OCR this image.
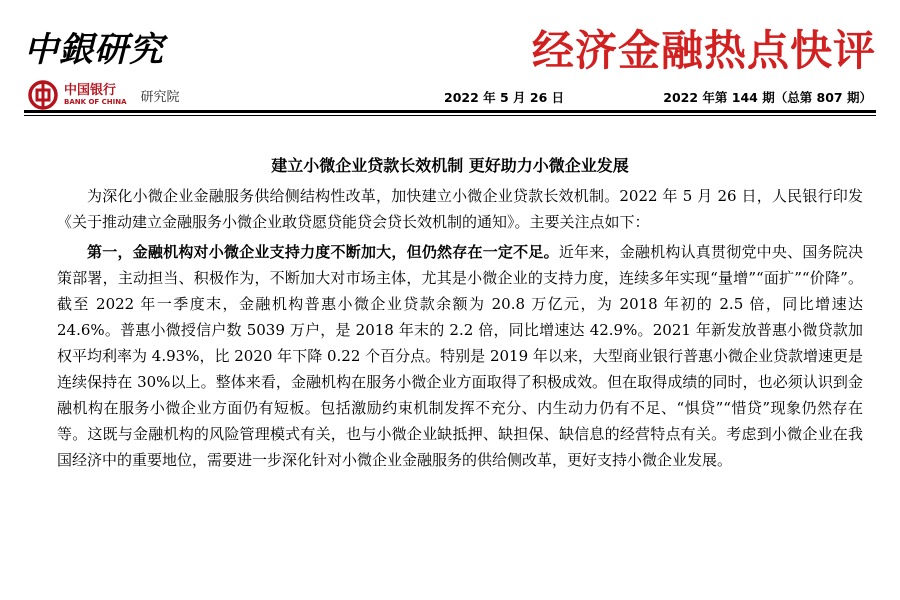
中銀研究	经济金融热点快评
中国银行
BANK OF CHINA 研究院	2022 年 5 月 26 日	2022 年第 144 期（总第 807 期）
建立小微企业贷款长效机制 更好助力小微企业发展

为深化小微企业金融服务供给侧结构性改革，加快建立小微企业贷款长效机制。2022 年 5 月 26 日，人民银行印发《关于推动建立金融服务小微企业敢贷愿贷能贷会贷长效机制的通知》。主要关注点如下：

第一，金融机构对小微企业支持力度不断加大，但仍然存在一定不足。近年来，金融机构认真贯彻党中央、国务院决策部署，主动担当、积极作为，不断加大对市场主体，尤其是小微企业的支持力度，连续多年实现“量增”“面扩”“价降”。截至 2022 年一季度末，金融机构普惠小微企业贷款余额为 20.8 万亿元，为 2018 年初的 2.5 倍，同比增速达 24.6%。普惠小微授信户数 5039 万户，是 2018 年末的 2.2 倍，同比增速达 42.9%。2021 年新发放普惠小微贷款加权平均利率为 4.93%，比 2020 年下降 0.22 个百分点。特别是 2019 年以来，大型商业银行普惠小微企业贷款增速更是连续保持在 30%以上。整体来看，金融机构在服务小微企业方面取得了积极成效。但在取得成绩的同时，也必须认识到金融机构在服务小微企业方面仍有短板。包括激励约束机制发挥不充分、内生动力仍有不足、“惧贷”“惜贷”现象仍然存在等。这既与金融机构的风险管理模式有关，也与小微企业缺抵押、缺担保、缺信息的经营特点有关。考虑到小微企业在我国经济中的重要地位，需要进一步深化针对小微企业金融服务的供给侧改革，更好支持小微企业发展。
